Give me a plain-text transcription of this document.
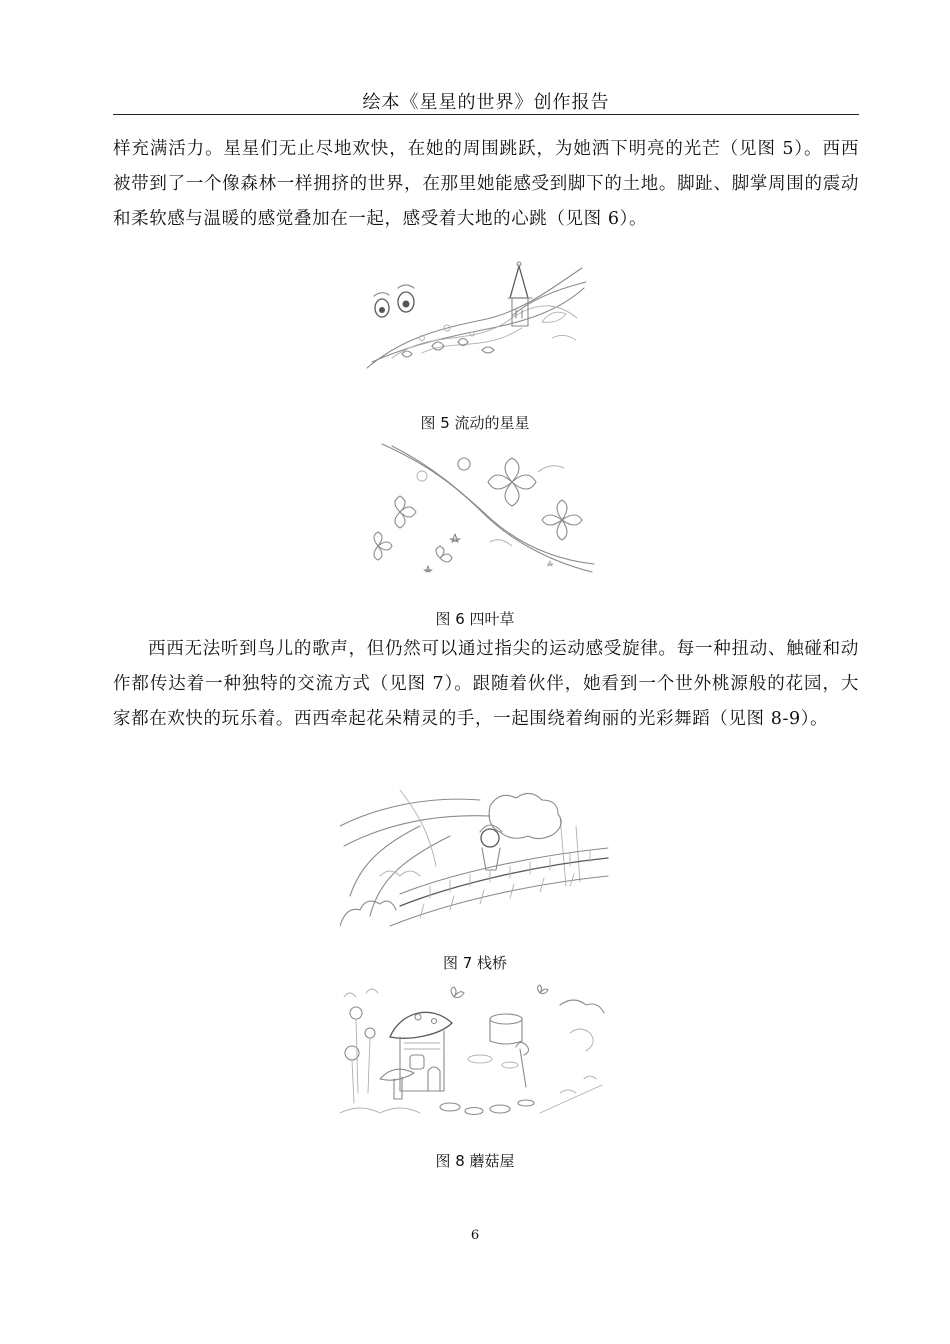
绘本《星星的世界》创作报告

样充满活力。星星们无止尽地欢快，在她的周围跳跃，为她洒下明亮的光芒（见图 5）。西西被带到了一个像森林一样拥挤的世界，在那里她能感受到脚下的土地。脚趾、脚掌周围的震动和柔软感与温暖的感觉叠加在一起，感受着大地的心跳（见图 6）。

图 5 流动的星星
图 6 四叶草

西西无法听到鸟儿的歌声，但仍然可以通过指尖的运动感受旋律。每一种扭动、触碰和动作都传达着一种独特的交流方式（见图 7）。跟随着伙伴，她看到一个世外桃源般的花园，大家都在欢快的玩乐着。西西牵起花朵精灵的手，一起围绕着绚丽的光彩舞蹈（见图 8-9）。

图 7 栈桥
图 8 蘑菇屋
6
